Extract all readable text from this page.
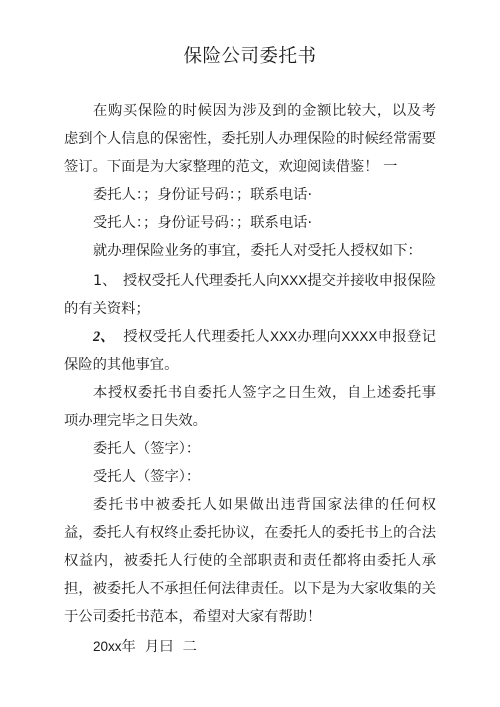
保险公司委托书

在购买保险的时候因为涉及到的金额比较大，以及考虑到个人信息的保密性，委托别人办理保险的时候经常需要签订。下面是为大家整理的范文，欢迎阅读借鉴！ 一

委托人：；身份证号码：；联系电话·

受托人：；身份证号码：；联系电话·

就办理保险业务的事宜，委托人对受托人授权如下：

1、 授权受托人代理委托人向XXX提交并接收申报保险的有关资料；

2、 授权受托人代理委托人XXX办理向XXXX申报登记保险的其他事宜。

本授权委托书自委托人签字之日生效，自上述委托事项办理完毕之日失效。

委托人（签字）：

受托人（签字）：

委托书中被委托人如果做出违背国家法律的任何权益，委托人有权终止委托协议，在委托人的委托书上的合法权益内，被委托人行使的全部职责和责任都将由委托人承担，被委托人不承担任何法律责任。以下是为大家收集的关于公司委托书范本，希望对大家有帮助！

20xx年  月曰  二
